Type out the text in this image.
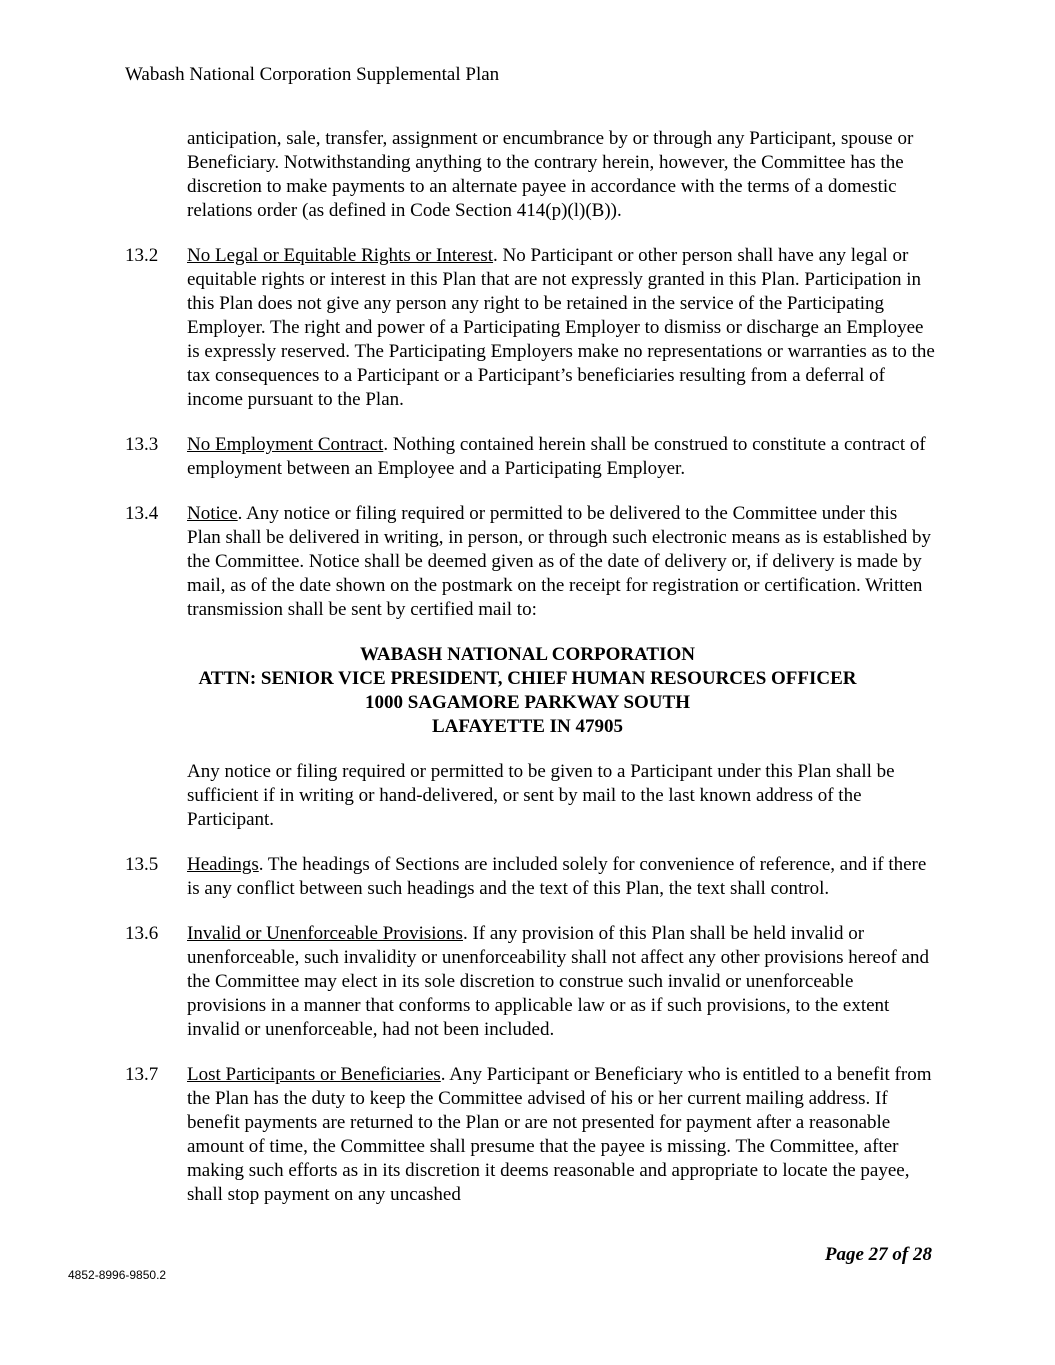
Wabash National Corporation Supplemental Plan

anticipation, sale, transfer, assignment or encumbrance by or through any Participant, spouse or Beneficiary. Notwithstanding anything to the contrary herein, however, the Committee has the discretion to make payments to an alternate payee in accordance with the terms of a domestic relations order (as defined in Code Section 414(p)(l)(B)).

13.2 No Legal or Equitable Rights or Interest. No Participant or other person shall have any legal or equitable rights or interest in this Plan that are not expressly granted in this Plan. Participation in this Plan does not give any person any right to be retained in the service of the Participating Employer. The right and power of a Participating Employer to dismiss or discharge an Employee is expressly reserved. The Participating Employers make no representations or warranties as to the tax consequences to a Participant or a Participant’s beneficiaries resulting from a deferral of income pursuant to the Plan.
13.3 No Employment Contract. Nothing contained herein shall be construed to constitute a contract of employment between an Employee and a Participating Employer.
13.4 Notice. Any notice or filing required or permitted to be delivered to the Committee under this Plan shall be delivered in writing, in person, or through such electronic means as is established by the Committee. Notice shall be deemed given as of the date of delivery or, if delivery is made by mail, as of the date shown on the postmark on the receipt for registration or certification. Written transmission shall be sent by certified mail to:
WABASH NATIONAL CORPORATION
ATTN: SENIOR VICE PRESIDENT, CHIEF HUMAN RESOURCES OFFICER
1000 SAGAMORE PARKWAY SOUTH
LAFAYETTE IN 47905

Any notice or filing required or permitted to be given to a Participant under this Plan shall be sufficient if in writing or hand-delivered, or sent by mail to the last known address of the Participant.

13.5 Headings. The headings of Sections are included solely for convenience of reference, and if there is any conflict between such headings and the text of this Plan, the text shall control.
13.6 Invalid or Unenforceable Provisions. If any provision of this Plan shall be held invalid or unenforceable, such invalidity or unenforceability shall not affect any other provisions hereof and the Committee may elect in its sole discretion to construe such invalid or unenforceable provisions in a manner that conforms to applicable law or as if such provisions, to the extent invalid or unenforceable, had not been included.
13.7 Lost Participants or Beneficiaries. Any Participant or Beneficiary who is entitled to a benefit from the Plan has the duty to keep the Committee advised of his or her current mailing address. If benefit payments are returned to the Plan or are not presented for payment after a reasonable amount of time, the Committee shall presume that the payee is missing. The Committee, after making such efforts as in its discretion it deems reasonable and appropriate to locate the payee, shall stop payment on any uncashed
Page 27 of 28
4852-8996-9850.2
